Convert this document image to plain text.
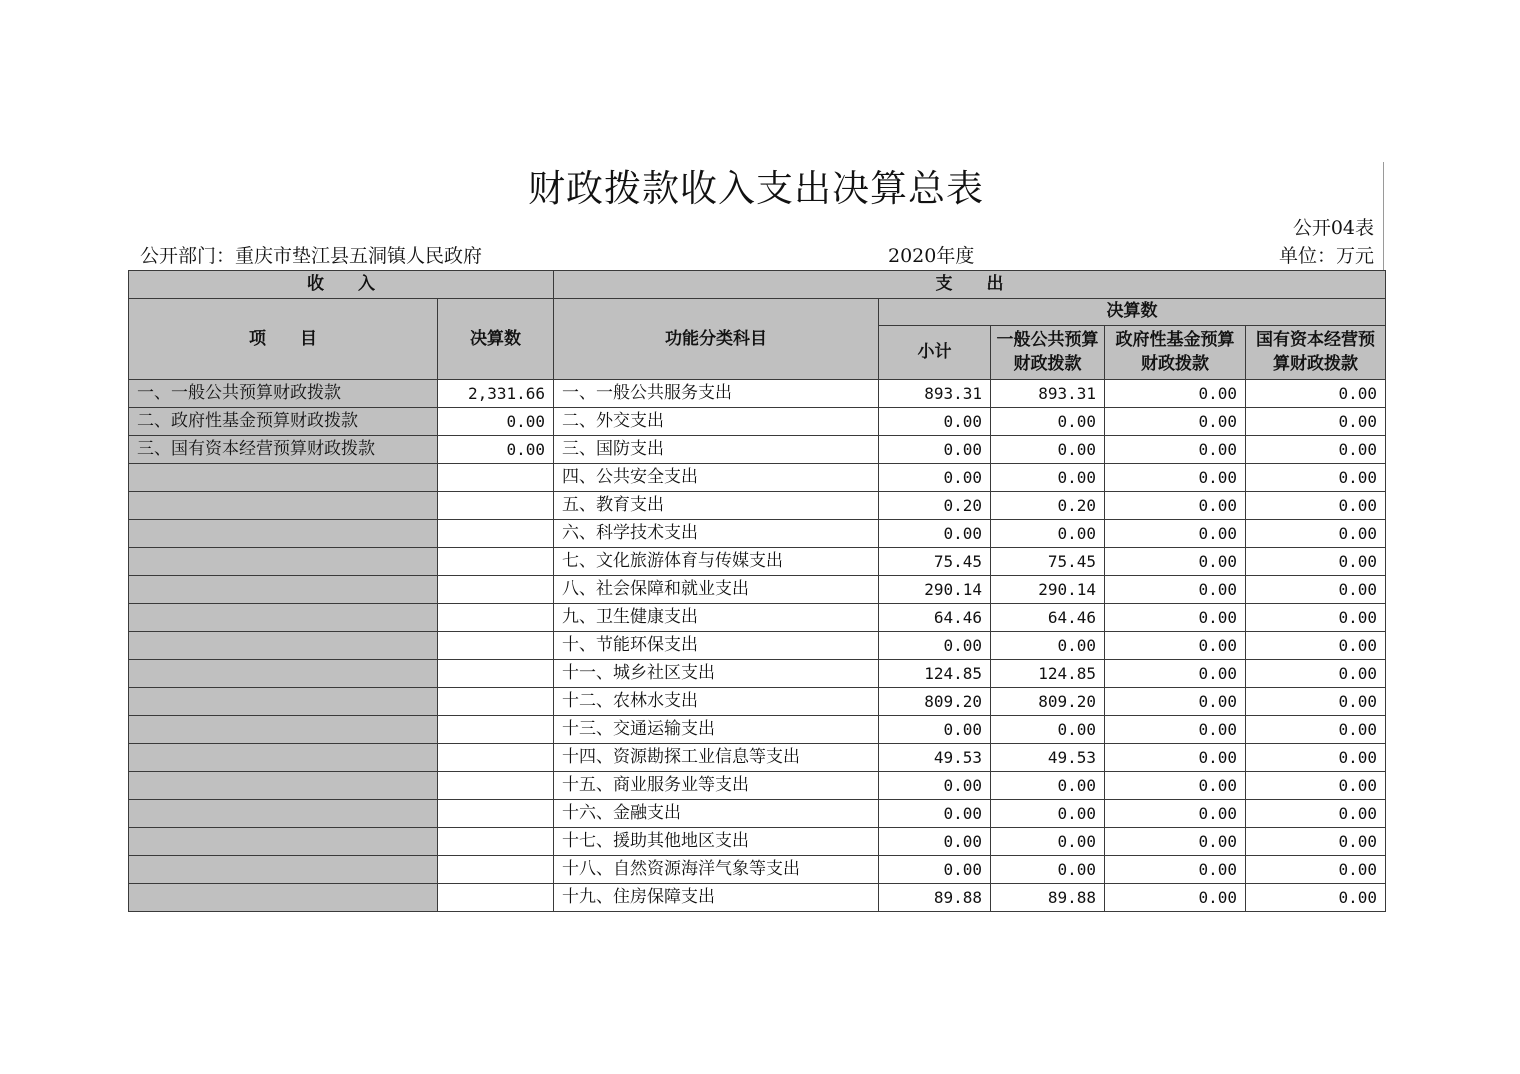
财政拨款收入支出决算总表
公开04表
公开部门：重庆市垫江县五洞镇人民政府	2020年度	单位：万元
收　　入		支　　出				
项　　目	决算数	功能分类科目	决算数			
			小计	一般公共预算财政拨款	政府性基金预算财政拨款	国有资本经营预算财政拨款
一、一般公共预算财政拨款	2,331.66	一、一般公共服务支出	893.31	893.31	0.00	0.00
二、政府性基金预算财政拨款	0.00	二、外交支出	0.00	0.00	0.00	0.00
三、国有资本经营预算财政拨款	0.00	三、国防支出	0.00	0.00	0.00	0.00
		四、公共安全支出	0.00	0.00	0.00	0.00
		五、教育支出	0.20	0.20	0.00	0.00
		六、科学技术支出	0.00	0.00	0.00	0.00
		七、文化旅游体育与传媒支出	75.45	75.45	0.00	0.00
		八、社会保障和就业支出	290.14	290.14	0.00	0.00
		九、卫生健康支出	64.46	64.46	0.00	0.00
		十、节能环保支出	0.00	0.00	0.00	0.00
		十一、城乡社区支出	124.85	124.85	0.00	0.00
		十二、农林水支出	809.20	809.20	0.00	0.00
		十三、交通运输支出	0.00	0.00	0.00	0.00
		十四、资源勘探工业信息等支出	49.53	49.53	0.00	0.00
		十五、商业服务业等支出	0.00	0.00	0.00	0.00
		十六、金融支出	0.00	0.00	0.00	0.00
		十七、援助其他地区支出	0.00	0.00	0.00	0.00
		十八、自然资源海洋气象等支出	0.00	0.00	0.00	0.00
		十九、住房保障支出	89.88	89.88	0.00	0.00
